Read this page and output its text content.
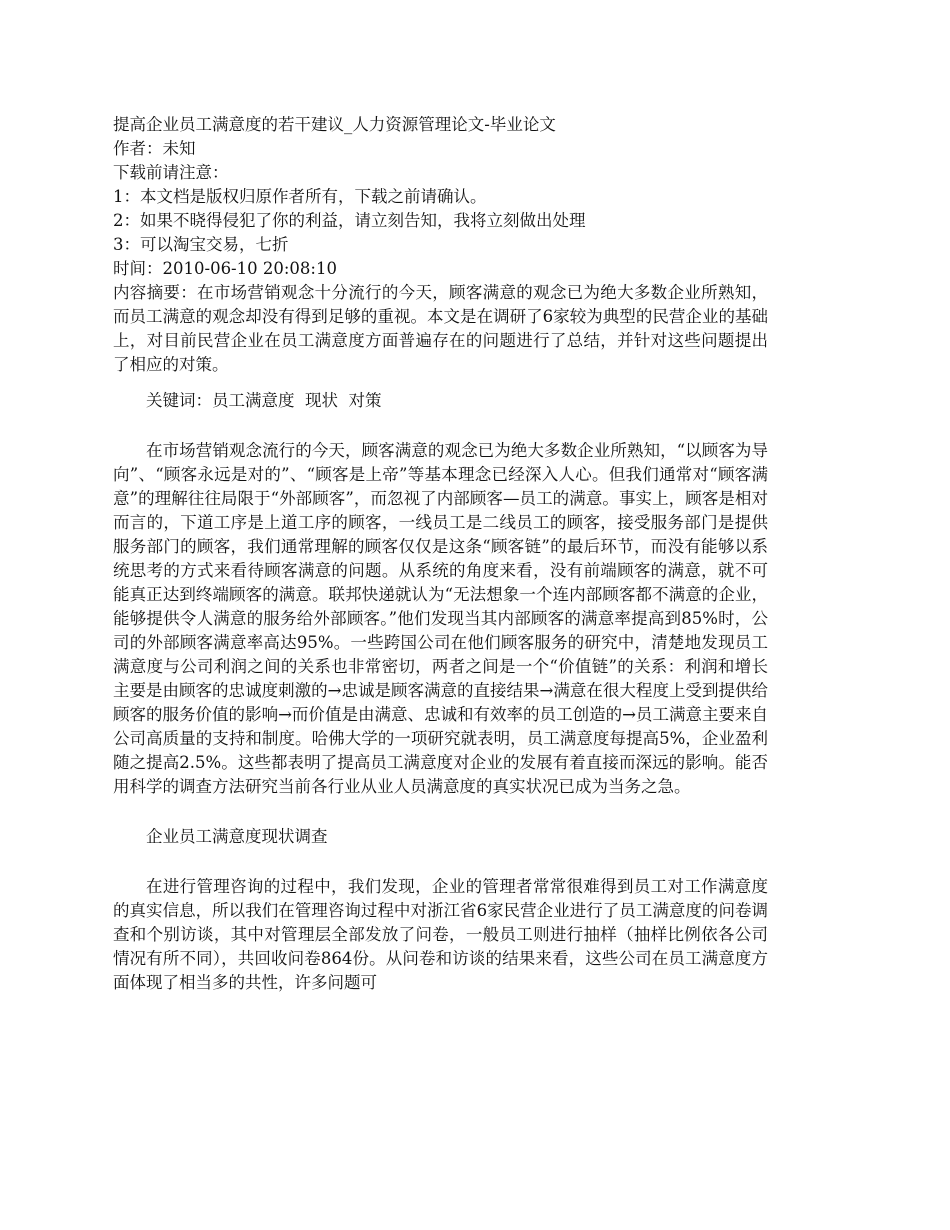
提高企业员工满意度的若干建议_人力资源管理论文-毕业论文
作者：未知
下载前请注意：
1：本文档是版权归原作者所有，下载之前请确认。
2：如果不晓得侵犯了你的利益，请立刻告知，我将立刻做出处理
3：可以淘宝交易，七折
时间：2010-06-10 20:08:10

内容摘要：在市场营销观念十分流行的今天，顾客满意的观念已为绝大多数企业所熟知，而员工满意的观念却没有得到足够的重视。本文是在调研了6家较为典型的民营企业的基础上，对目前民营企业在员工满意度方面普遍存在的问题进行了总结，并针对这些问题提出了相应的对策。

关键词：员工满意度  现状  对策

在市场营销观念流行的今天，顾客满意的观念已为绝大多数企业所熟知，“以顾客为导向”、“顾客永远是对的”、“顾客是上帝”等基本理念已经深入人心。但我们通常对“顾客满意”的理解往往局限于“外部顾客”，而忽视了内部顾客—员工的满意。事实上，顾客是相对而言的，下道工序是上道工序的顾客，一线员工是二线员工的顾客，接受服务部门是提供服务部门的顾客，我们通常理解的顾客仅仅是这条“顾客链”的最后环节，而没有能够以系统思考的方式来看待顾客满意的问题。从系统的角度来看，没有前端顾客的满意，就不可能真正达到终端顾客的满意。联邦快递就认为“无法想象一个连内部顾客都不满意的企业，能够提供令人满意的服务给外部顾客。”他们发现当其内部顾客的满意率提高到85%时，公司的外部顾客满意率高达95%。一些跨国公司在他们顾客服务的研究中，清楚地发现员工满意度与公司利润之间的关系也非常密切，两者之间是一个“价值链”的关系：利润和增长主要是由顾客的忠诚度刺激的→忠诚是顾客满意的直接结果→满意在很大程度上受到提供给顾客的服务价值的影响→而价值是由满意、忠诚和有效率的员工创造的→员工满意主要来自公司高质量的支持和制度。哈佛大学的一项研究就表明，员工满意度每提高5%，企业盈利随之提高2.5%。这些都表明了提高员工满意度对企业的发展有着直接而深远的影响。能否用科学的调查方法研究当前各行业从业人员满意度的真实状况已成为当务之急。

企业员工满意度现状调查

在进行管理咨询的过程中，我们发现，企业的管理者常常很难得到员工对工作满意度的真实信息，所以我们在管理咨询过程中对浙江省6家民营企业进行了员工满意度的问卷调查和个别访谈，其中对管理层全部发放了问卷，一般员工则进行抽样（抽样比例依各公司情况有所不同），共回收问卷864份。从问卷和访谈的结果来看，这些公司在员工满意度方面体现了相当多的共性，许多问题可
